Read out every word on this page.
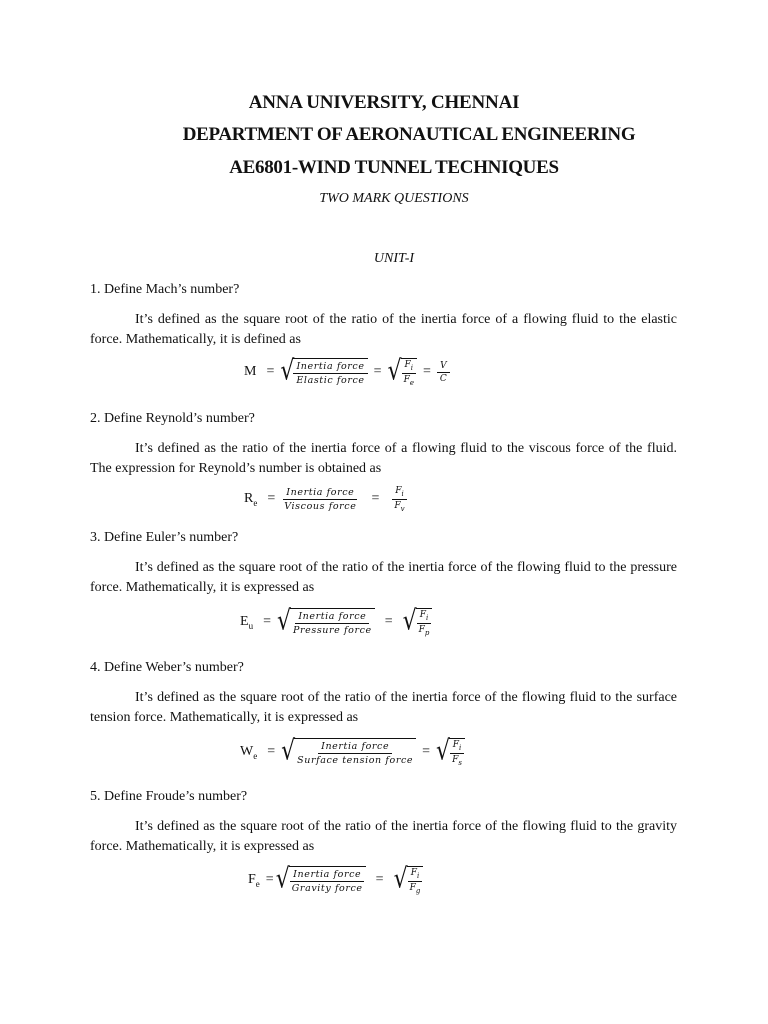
ANNA UNIVERSITY, CHENNAI
DEPARTMENT OF AERONAUTICAL ENGINEERING
AE6801-WIND TUNNEL TECHNIQUES
TWO MARK QUESTIONS
UNIT-I
1. Define Mach’s number?
It’s defined as the square root of the ratio of the inertia force of a flowing fluid to the elastic force. Mathematically, it is defined as
M = √ $\frac{\text{Inertia force}}{\text{Elastic force}}$ = √ $\frac{F_i}{F_e} = \frac{V}{C}$
2. Define Reynold’s number?
It’s defined as the ratio of the inertia force of a flowing fluid to the viscous force of the fluid. The expression for Reynold’s number is obtained as
$R_e = \frac{\text{Inertia force}}{\text{Viscous force}} = \frac{F_i}{F_v}$
3. Define Euler’s number?
It’s defined as the square root of the ratio of the inertia force of the flowing fluid to the pressure force. Mathematically, it is expressed as
$E_u$ = √ $\frac{\text{Inertia force}}{\text{Pressure force}}$ = √ $\frac{F_i}{F_p}$
4. Define Weber’s number?
It’s defined as the square root of the ratio of the inertia force of the flowing fluid to the surface tension force. Mathematically, it is expressed as
$W_e$ = √ $\frac{\text{Inertia force}}{\text{Surface tension force}}$ = √ $\frac{F_i}{F_s}$
5. Define Froude’s number?
It’s defined as the square root of the ratio of the inertia force of the flowing fluid to the gravity force. Mathematically, it is expressed as
$F_e$ = √ $\frac{\text{Inertia force}}{\text{Gravity force}}$ = √ $\frac{F_i}{F_g}$
